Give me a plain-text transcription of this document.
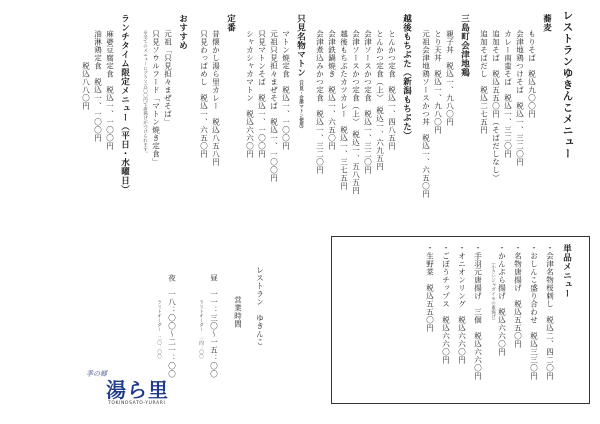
レストランゆきんこメニュー
蕎麦
もりそば　税込九〇〇円
会津地鶏つけそば　税込一、三二〇円
カレー南蛮そば　税込一、三二〇円
追加そば　税込五五〇円（そばだしなし）
追加そばだし　税込二七五円
三島町会津地鶏
親子丼　税込一、九八〇円
とり天丼　税込一、九八〇円
元祖会津地鶏ソースかつ丼　税込一、六五〇円
越後もちぶた（新潟もちぶた）
とんかつ定食　税込一、四八五円
とんかつ定食（上）　税込一、六九五円
会津ソースかつ定食　税込一、三二〇円
会津ソースかつ定食（上）　税込一、五八五円
越後もちぶたカツカレー　税込一、三七五円
会津鉄鍋焼き　税込一、六五〇円
会津煮込みかつ定食　税込一、三二〇円
只見名物マトン（只見・会津マトン使用）
マトン焼定食　税込一、一〇〇円
元祖只見担々まぜそば　税込一、一〇〇円
只見マトンそば　税込一、一〇〇円
シャカシャカマトン　税込六六〇円
定番
昔懐かし湯ら里カレー　税込八五八円
只見わっぱめし　税込一、六五〇円
おすすめ
元祖「只見担々まぜそば」
只見ソウルフード「マトン焼き定食」
※全てのメニューにプラス五〇〇円で唐揚げがつけられます。
ランチタイム限定メニュー（平日・水曜日）
麻婆豆腐定食　税込一、一〇〇円
油淋鶏定食　税込一、一〇〇円
税込八八〇円
単品メニュー
・会津名物桜刺し　税込二、四二〇円
・おしんこ盛り合わせ　税込三三〇円
・名物唐揚げ　税込五五〇円
・かんぷら揚げ　税込六六〇円
（小さいジャガイモの素揚げ）
・手羽元唐揚げ　三個　税込六六〇円
・オニオンリング　税込六六〇円
・ごぼうチップス　税込六六〇円
・生野菜　税込五五〇円
レストラン　ゆきんこ
営業時間
昼　一一：三〇～一五：〇〇
ラストオーダー　一四：〇〇
夜　一八：〇〇～二一：〇〇
ラストオーダー　二〇：〇〇
季の郷
湯ら里
TOKINOSATO-YURARI
